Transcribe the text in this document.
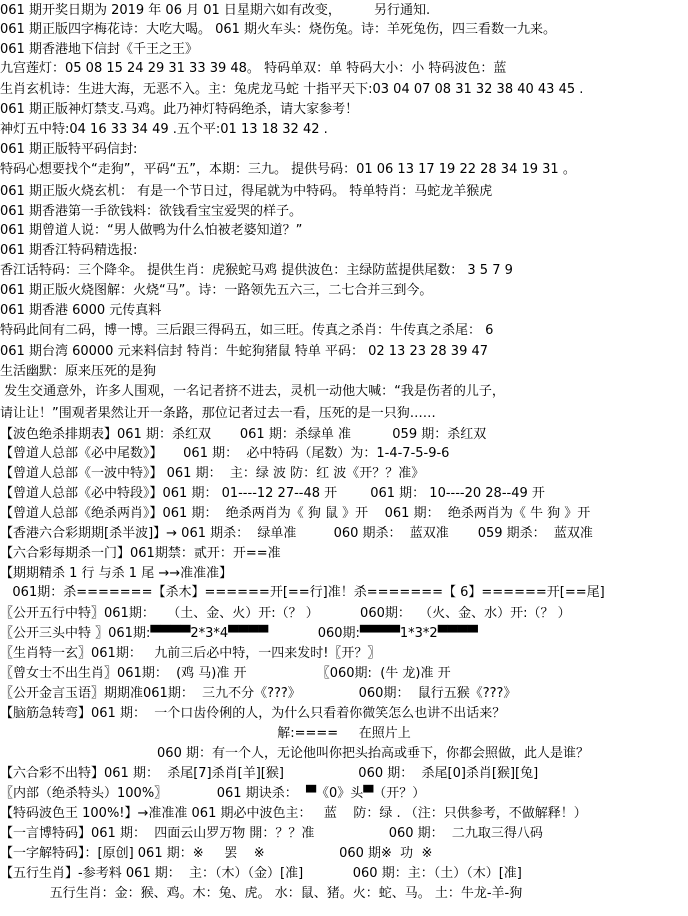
061 期开奖日期为 2019 年 06 月 01 日星期六如有改变，        另行通知.
061 期正版四字梅花诗：大吃大喝。 061 期火车头：烧伤兔。诗：羊死兔伤，四三看数一九来。
061 期香港地下信封《千王之王》
九宫莲灯：05 08 15 24 29 31 33 39 48。 特码单双：单 特码大小：小 特码波色：蓝
生肖玄机诗：生进大海，无恶不入。主：兔虎龙马蛇 十指平天下:03 04 07 08 31 32 38 40 43 45 .
061 期正版神灯禁支.马鸡。此乃神灯特码绝杀，请大家参考！
神灯五中特:04 16 33 34 49 .五个平:01 13 18 32 42 .
061 期正版特平码信封:
特码心想要找个“走狗”，平码“五”，本期：三九。 提供号码：01 06 13 17 19 22 28 34 19 31 。
061 期正版火烧玄机： 有是一个节日过，得尾就为中特码。 特单特肖：马蛇龙羊猴虎
061 期香港第一手欲钱料：欲钱看宝宝爱哭的样子。
061 期曾道人说：“男人做鸭为什么怕被老婆知道？”
061 期香江特码精选报:
香江话特码：三个降伞。 提供生肖：虎猴蛇马鸡 提供波色：主绿防蓝提供尾数： 3 5 7 9
061 期正版火烧图解：火烧“马”。诗：一路领先五六三，二七合并三到今。
061 期香港 6000 元传真料
特码此间有二码，博一博。三后跟三得码五，如三旺。传真之杀肖：牛传真之杀尾： 6
061 期台湾 60000 元来料信封 特肖：牛蛇狗猪鼠 特单 平码： 02 13 23 28 39 47
生活幽默：原来压死的是狗
发生交通意外，许多人围观，一名记者挤不进去，灵机一动他大喊：“我是伤者的儿子，
请让让！”围观者果然让开一条路，那位记者过去一看，压死的是一只狗……
【波色绝杀排期表】061 期：杀红双       061 期：杀绿单 准          059 期：杀红双
【曾道人总部《必中尾数》】     061 期：  必中特码（尾数）为：1-4-7-5-9-6
【曾道人总部《一波中特》】 061 期：  主：绿 波 防：红 波《开？？准》
【曾道人总部《必中特段》】061 期： 01----12 27--48 开        061 期： 10----20 28--49 开
【曾道人总部《绝杀两肖》】061 期：  绝杀两肖为《 狗 鼠 》开    061 期：  绝杀两肖为《 牛 狗 》开
【香港六合彩期期[杀半波]】→ 061 期杀：  绿单准         060 期杀：  蓝双准       059 期杀：  蓝双准
【六合彩每期杀一门】061期禁：贰开：开==准
【期期精杀 1 行 与杀 1 尾 →→准准准】
061期：杀=======【杀木】======开[==行]准！杀=======【 6】======开[==尾]
〖公开五行中特〗061期：   （土、金、火）开:（？ ）          060期：  （火、金、水）开:（？ ）
〖公开三头中特 〗061期:▀▀▀▀2*3*4▀▀▀▀            060期:▀▀▀▀1*3*2▀▀▀▀
〖生肖特一玄〗061期：   九前三后必中特，一四来发时!〖开？〗
〖曾女士不出生肖〗061期：  (鸡 马)准 开                 〖060期:  (牛 龙)准 开
〖公开金言玉语〗期期准061期：  三九不分《???》              060期：  鼠行五猴《???》
【脑筋急转弯】061 期：  一个口齿伶俐的人，为什么只看着你微笑怎么也讲不出话来？
解:====     在照片上
060 期：有一个人，无论他叫你把头抬高或垂下，你都会照做，此人是谁？
【六合彩不出特】061 期：  杀尾[7]杀肖[羊][猴]                  060 期：  杀尾[0]杀肖[猴][兔]
〖内部（绝杀特头）100%〗            061 期诀杀：  ▀《0》头▀（开？）
【特码波色王 100%!】→准准准 061 期必中波色主：   蓝    防：绿 . （注：只供参考，不做解释！）
【一言博特码】061 期：  四面云山罗万物 開：？？准                  060 期：  二九取三得八码
【一字解特码】：[原创] 061 期：※     罢    ※                  060 期※  功  ※
【五行生肖】-参考料 061 期：  主：（木）（金）[准]            060 期：主：（土）（木）[准]
五行生肖：金：猴、鸡。木：兔、虎。 水：鼠、猪。火：蛇、马。 土：牛龙-羊-狗
